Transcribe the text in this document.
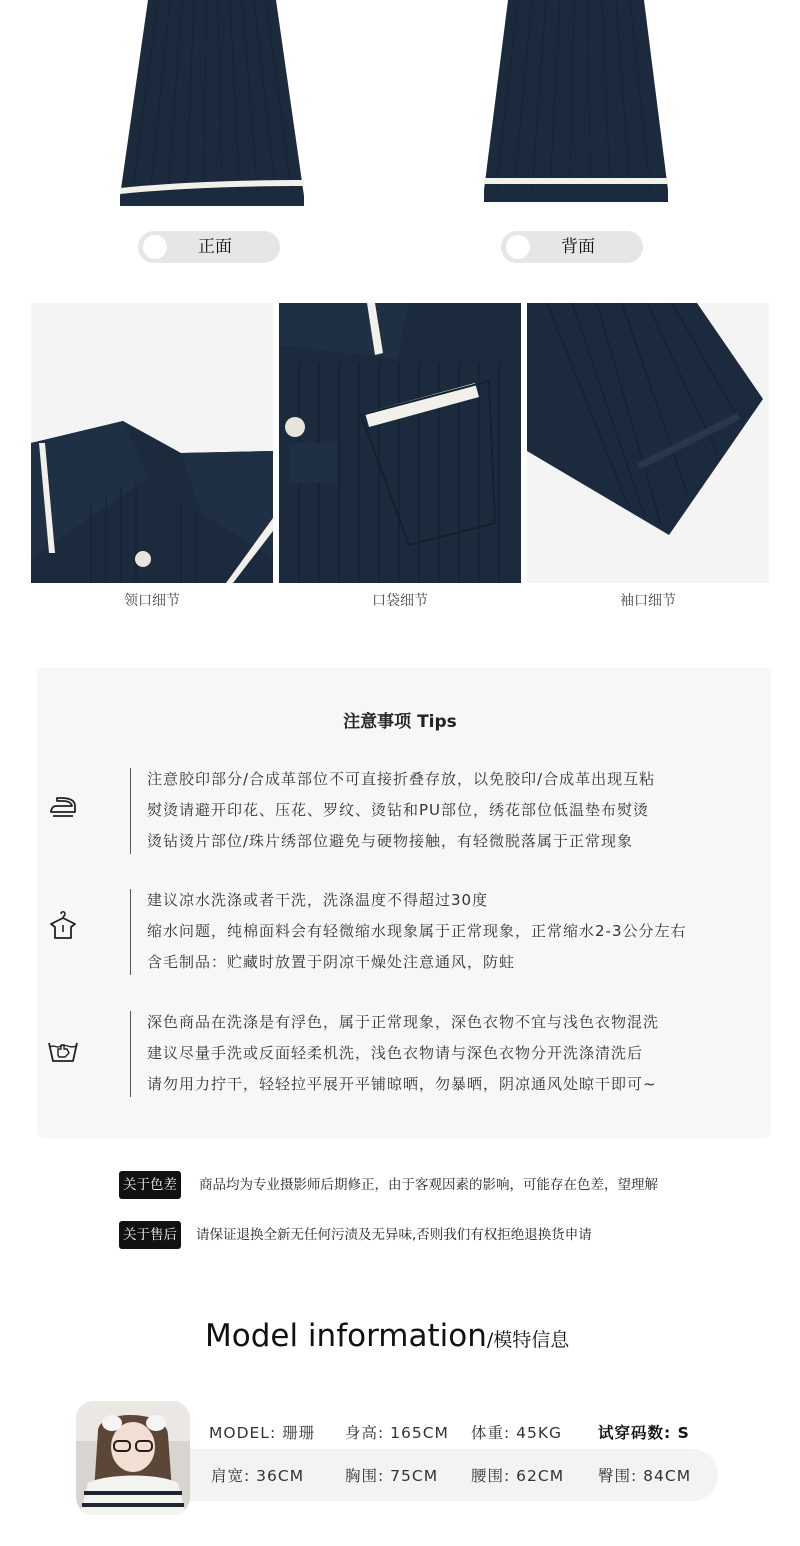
正面	背面
领口细节	口袋细节	袖口细节
注意事项 Tips
注意胶印部分/合成革部位不可直接折叠存放，以免胶印/合成革出现互粘
熨烫请避开印花、压花、罗纹、烫钻和PU部位，绣花部位低温垫布熨烫
烫钻烫片部位/珠片绣部位避免与硬物接触，有轻微脱落属于正常现象
建议凉水洗涤或者干洗，洗涤温度不得超过30度
缩水问题，纯棉面料会有轻微缩水现象属于正常现象，正常缩水2-3公分左右
含毛制品：贮藏时放置于阴凉干燥处注意通风，防蛀
深色商品在洗涤是有浮色，属于正常现象，深色衣物不宜与浅色衣物混洗
建议尽量手洗或反面轻柔机洗，浅色衣物请与深色衣物分开洗涤清洗后
请勿用力拧干，轻轻拉平展开平铺晾晒，勿暴晒，阴凉通风处晾干即可~
关于色差 商品均为专业摄影师后期修正，由于客观因素的影响，可能存在色差，望理解
关于售后 请保证退换全新无任何污渍及无异味,否则我们有权拒绝退换货申请
Model information/模特信息
MODEL: 珊珊 身高: 165CM 体重: 45KG 试穿码数: S
肩宽: 36CM	胸围: 75CM 腰围: 62CM 臀围: 84CM
